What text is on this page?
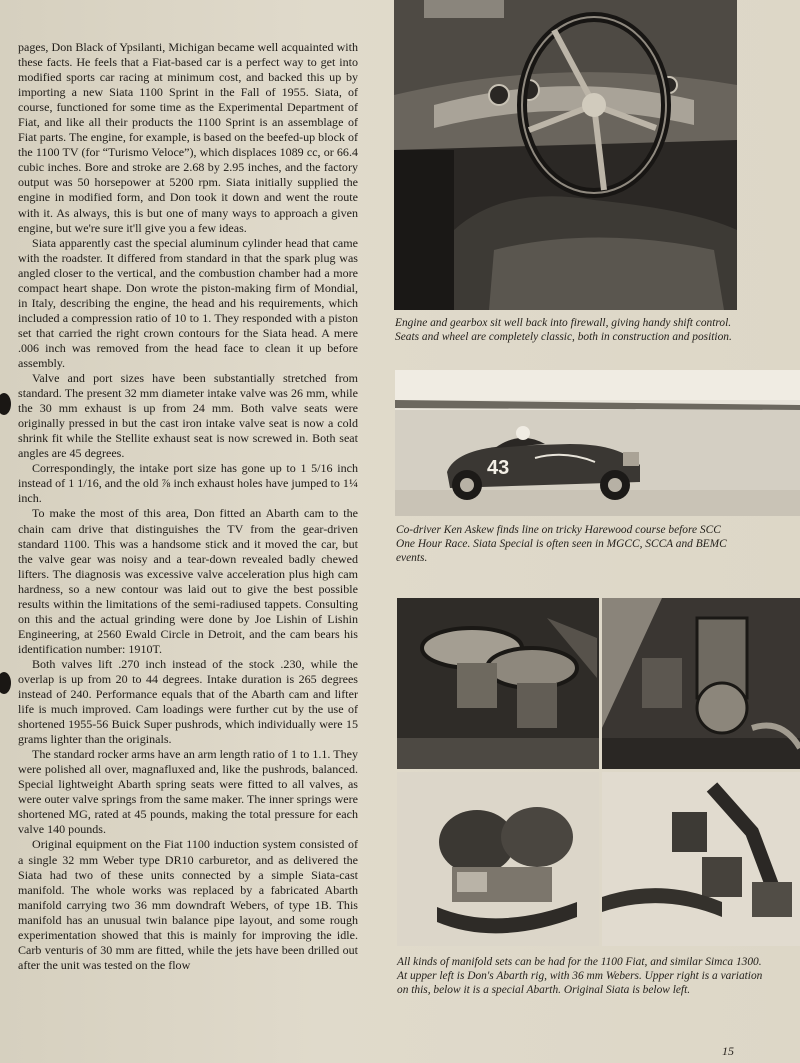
pages, Don Black of Ypsilanti, Michigan became well acquainted with these facts. He feels that a Fiat-based car is a perfect way to get into modified sports car racing at minimum cost, and backed this up by importing a new Siata 1100 Sprint in the Fall of 1955. Siata, of course, functioned for some time as the Experimental Department of Fiat, and like all their products the 1100 Sprint is an assemblage of Fiat parts. The engine, for example, is based on the beefed-up block of the 1100 TV (for “Turismo Veloce”), which displaces 1089 cc, or 66.4 cubic inches. Bore and stroke are 2.68 by 2.95 inches, and the factory output was 50 horsepower at 5200 rpm. Siata initially supplied the engine in modified form, and Don took it down and went the route with it. As always, this is but one of many ways to approach a given engine, but we're sure it'll give you a few ideas.

Siata apparently cast the special aluminum cylinder head that came with the roadster. It differed from standard in that the spark plug was angled closer to the vertical, and the combustion chamber had a more compact heart shape. Don wrote the piston-making firm of Mondial, in Italy, describing the engine, the head and his requirements, which included a compression ratio of 10 to 1. They responded with a piston set that carried the right crown contours for the Siata head. A mere .006 inch was removed from the head face to clean it up before assembly.

Valve and port sizes have been substantially stretched from standard. The present 32 mm diameter intake valve was 26 mm, while the 30 mm exhaust is up from 24 mm. Both valve seats were originally pressed in but the cast iron intake valve seat is now a cold shrink fit while the Stellite exhaust seat is now screwed in. Both seat angles are 45 degrees.

Correspondingly, the intake port size has gone up to 1 5/16 inch instead of 1 1/16, and the old ⅞ inch exhaust holes have jumped to 1¼ inch.

To make the most of this area, Don fitted an Abarth cam to the chain cam drive that distinguishes the TV from the gear-driven standard 1100. This was a handsome stick and it moved the car, but the valve gear was noisy and a tear-down revealed badly chewed lifters. The diagnosis was excessive valve acceleration plus high cam hardness, so a new contour was laid out to give the best possible results within the limitations of the semi-radiused tappets. Consulting on this and the actual grinding were done by Joe Lishin of Lishin Engineering, at 2560 Ewald Circle in Detroit, and the cam bears his identification number: 1910T.

Both valves lift .270 inch instead of the stock .230, while the overlap is up from 20 to 44 degrees. Intake duration is 265 degrees instead of 240. Performance equals that of the Abarth cam and lifter life is much improved. Cam loadings were further cut by the use of shortened 1955-56 Buick Super pushrods, which individually were 15 grams lighter than the originals.

The standard rocker arms have an arm length ratio of 1 to 1.1. They were polished all over, magnafluxed and, like the pushrods, balanced. Special lightweight Abarth spring seats were fitted to all valves, as were outer valve springs from the same maker. The inner springs were shortened MG, rated at 45 pounds, making the total pressure for each valve 140 pounds.

Original equipment on the Fiat 1100 induction system consisted of a single 32 mm Weber type DR10 carburetor, and as delivered the Siata had two of these units connected by a simple Siata-cast manifold. The whole works was replaced by a fabricated Abarth manifold carrying two 36 mm downdraft Webers, of type 1B. This manifold has an unusual twin balance pipe layout, and some rough experimentation showed that this is mainly for improving the idle. Carb venturis of 30 mm are fitted, while the jets have been drilled out after the unit was tested on the flow

Engine and gearbox sit well back into firewall, giving handy shift control. Seats and wheel are completely classic, both in construction and position.
43
Co-driver Ken Askew finds line on tricky Harewood course before SCC One Hour Race. Siata Special is often seen in MGCC, SCCA and BEMC events.
All kinds of manifold sets can be had for the 1100 Fiat, and similar Simca 1300. At upper left is Don's Abarth rig, with 36 mm Webers. Upper right is a variation on this, below it is a special Abarth. Original Siata is below left.
15
